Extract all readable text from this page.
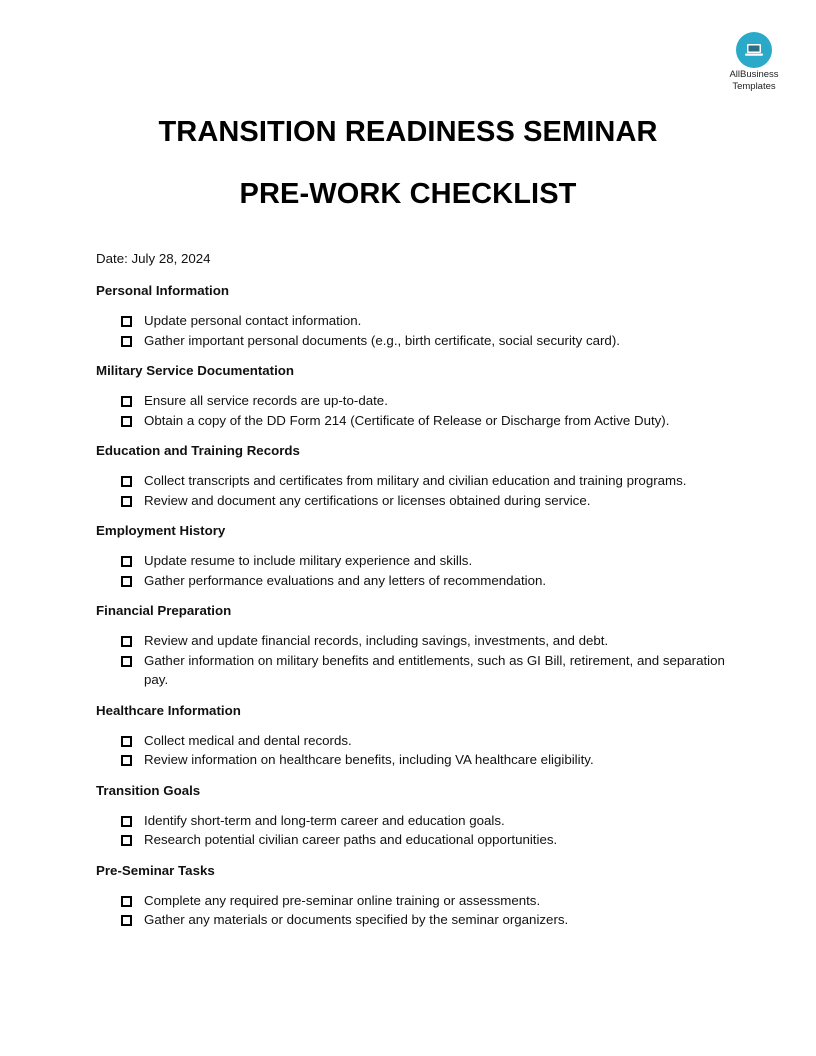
AllBusiness
Templates
TRANSITION READINESS SEMINAR
PRE-WORK CHECKLIST
Date: July 28, 2024
Personal Information
Update personal contact information.
Gather important personal documents (e.g., birth certificate, social security card).
Military Service Documentation
Ensure all service records are up-to-date.
Obtain a copy of the DD Form 214 (Certificate of Release or Discharge from Active Duty).
Education and Training Records
Collect transcripts and certificates from military and civilian education and training programs.
Review and document any certifications or licenses obtained during service.
Employment History
Update resume to include military experience and skills.
Gather performance evaluations and any letters of recommendation.
Financial Preparation
Review and update financial records, including savings, investments, and debt.
Gather information on military benefits and entitlements, such as GI Bill, retirement, and separation pay.
Healthcare Information
Collect medical and dental records.
Review information on healthcare benefits, including VA healthcare eligibility.
Transition Goals
Identify short-term and long-term career and education goals.
Research potential civilian career paths and educational opportunities.
Pre-Seminar Tasks
Complete any required pre-seminar online training or assessments.
Gather any materials or documents specified by the seminar organizers.
